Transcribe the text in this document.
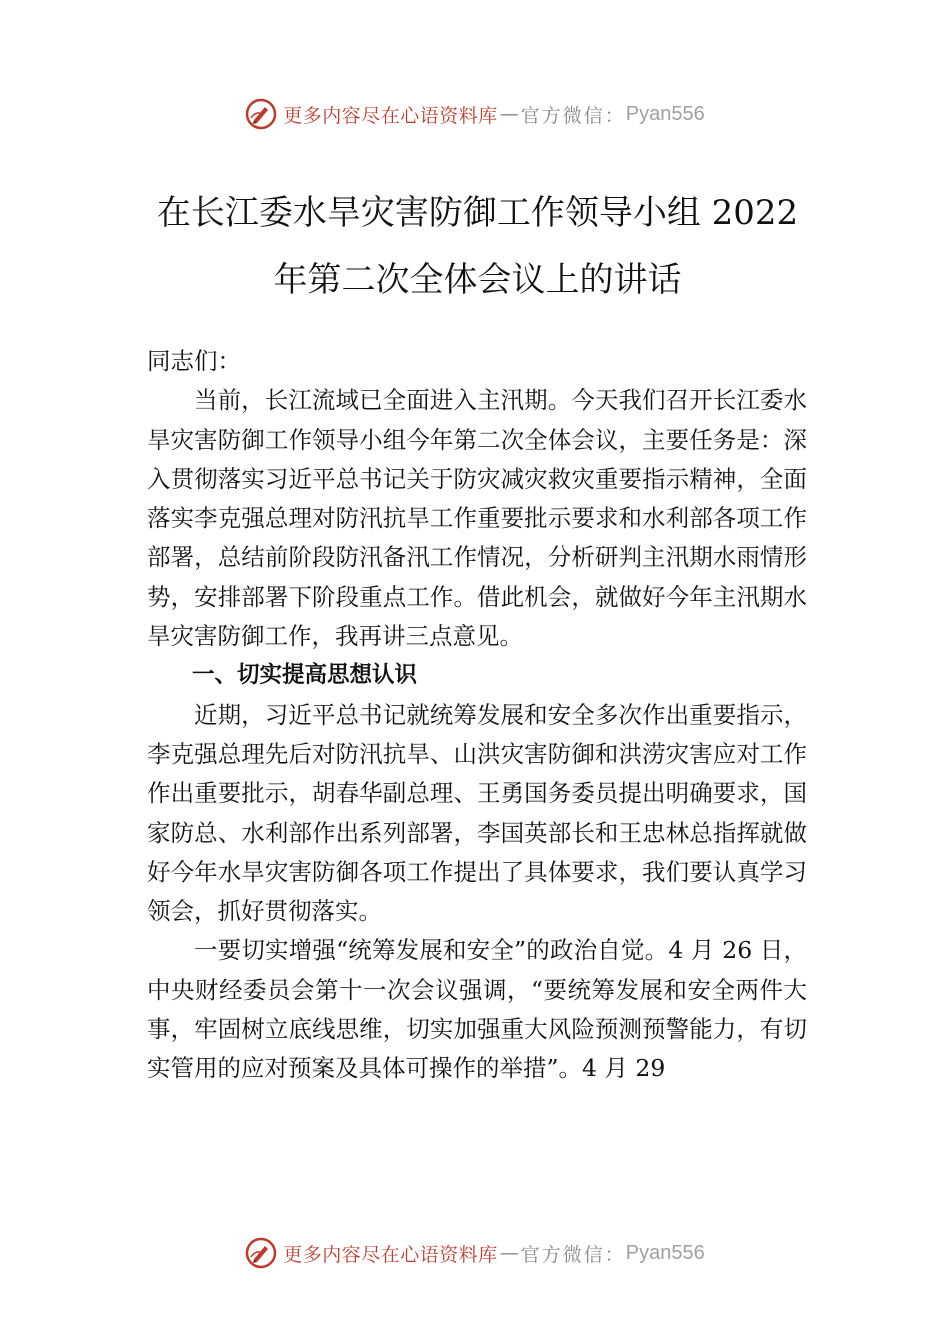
更多内容尽在心语资料库 — 官方微信： Pyan556
在长江委水旱灾害防御工作领导小组 2022 年第二次全体会议上的讲话

同志们：

当前，长江流域已全面进入主汛期。今天我们召开长江委水旱灾害防御工作领导小组今年第二次全体会议，主要任务是：深入贯彻落实习近平总书记关于防灾减灾救灾重要指示精神，全面落实李克强总理对防汛抗旱工作重要批示要求和水利部各项工作部署，总结前阶段防汛备汛工作情况，分析研判主汛期水雨情形势，安排部署下阶段重点工作。借此机会，就做好今年主汛期水旱灾害防御工作，我再讲三点意见。

一、切实提高思想认识

近期，习近平总书记就统筹发展和安全多次作出重要指示，李克强总理先后对防汛抗旱、山洪灾害防御和洪涝灾害应对工作作出重要批示，胡春华副总理、王勇国务委员提出明确要求，国家防总、水利部作出系列部署，李国英部长和王忠林总指挥就做好今年水旱灾害防御各项工作提出了具体要求，我们要认真学习领会，抓好贯彻落实。

一要切实增强“统筹发展和安全”的政治自觉。4 月 26 日，中央财经委员会第十一次会议强调，“要统筹发展和安全两件大事，牢固树立底线思维，切实加强重大风险预测预警能力，有切实管用的应对预案及具体可操作的举措”。4 月 29

更多内容尽在心语资料库 — 官方微信： Pyan556
